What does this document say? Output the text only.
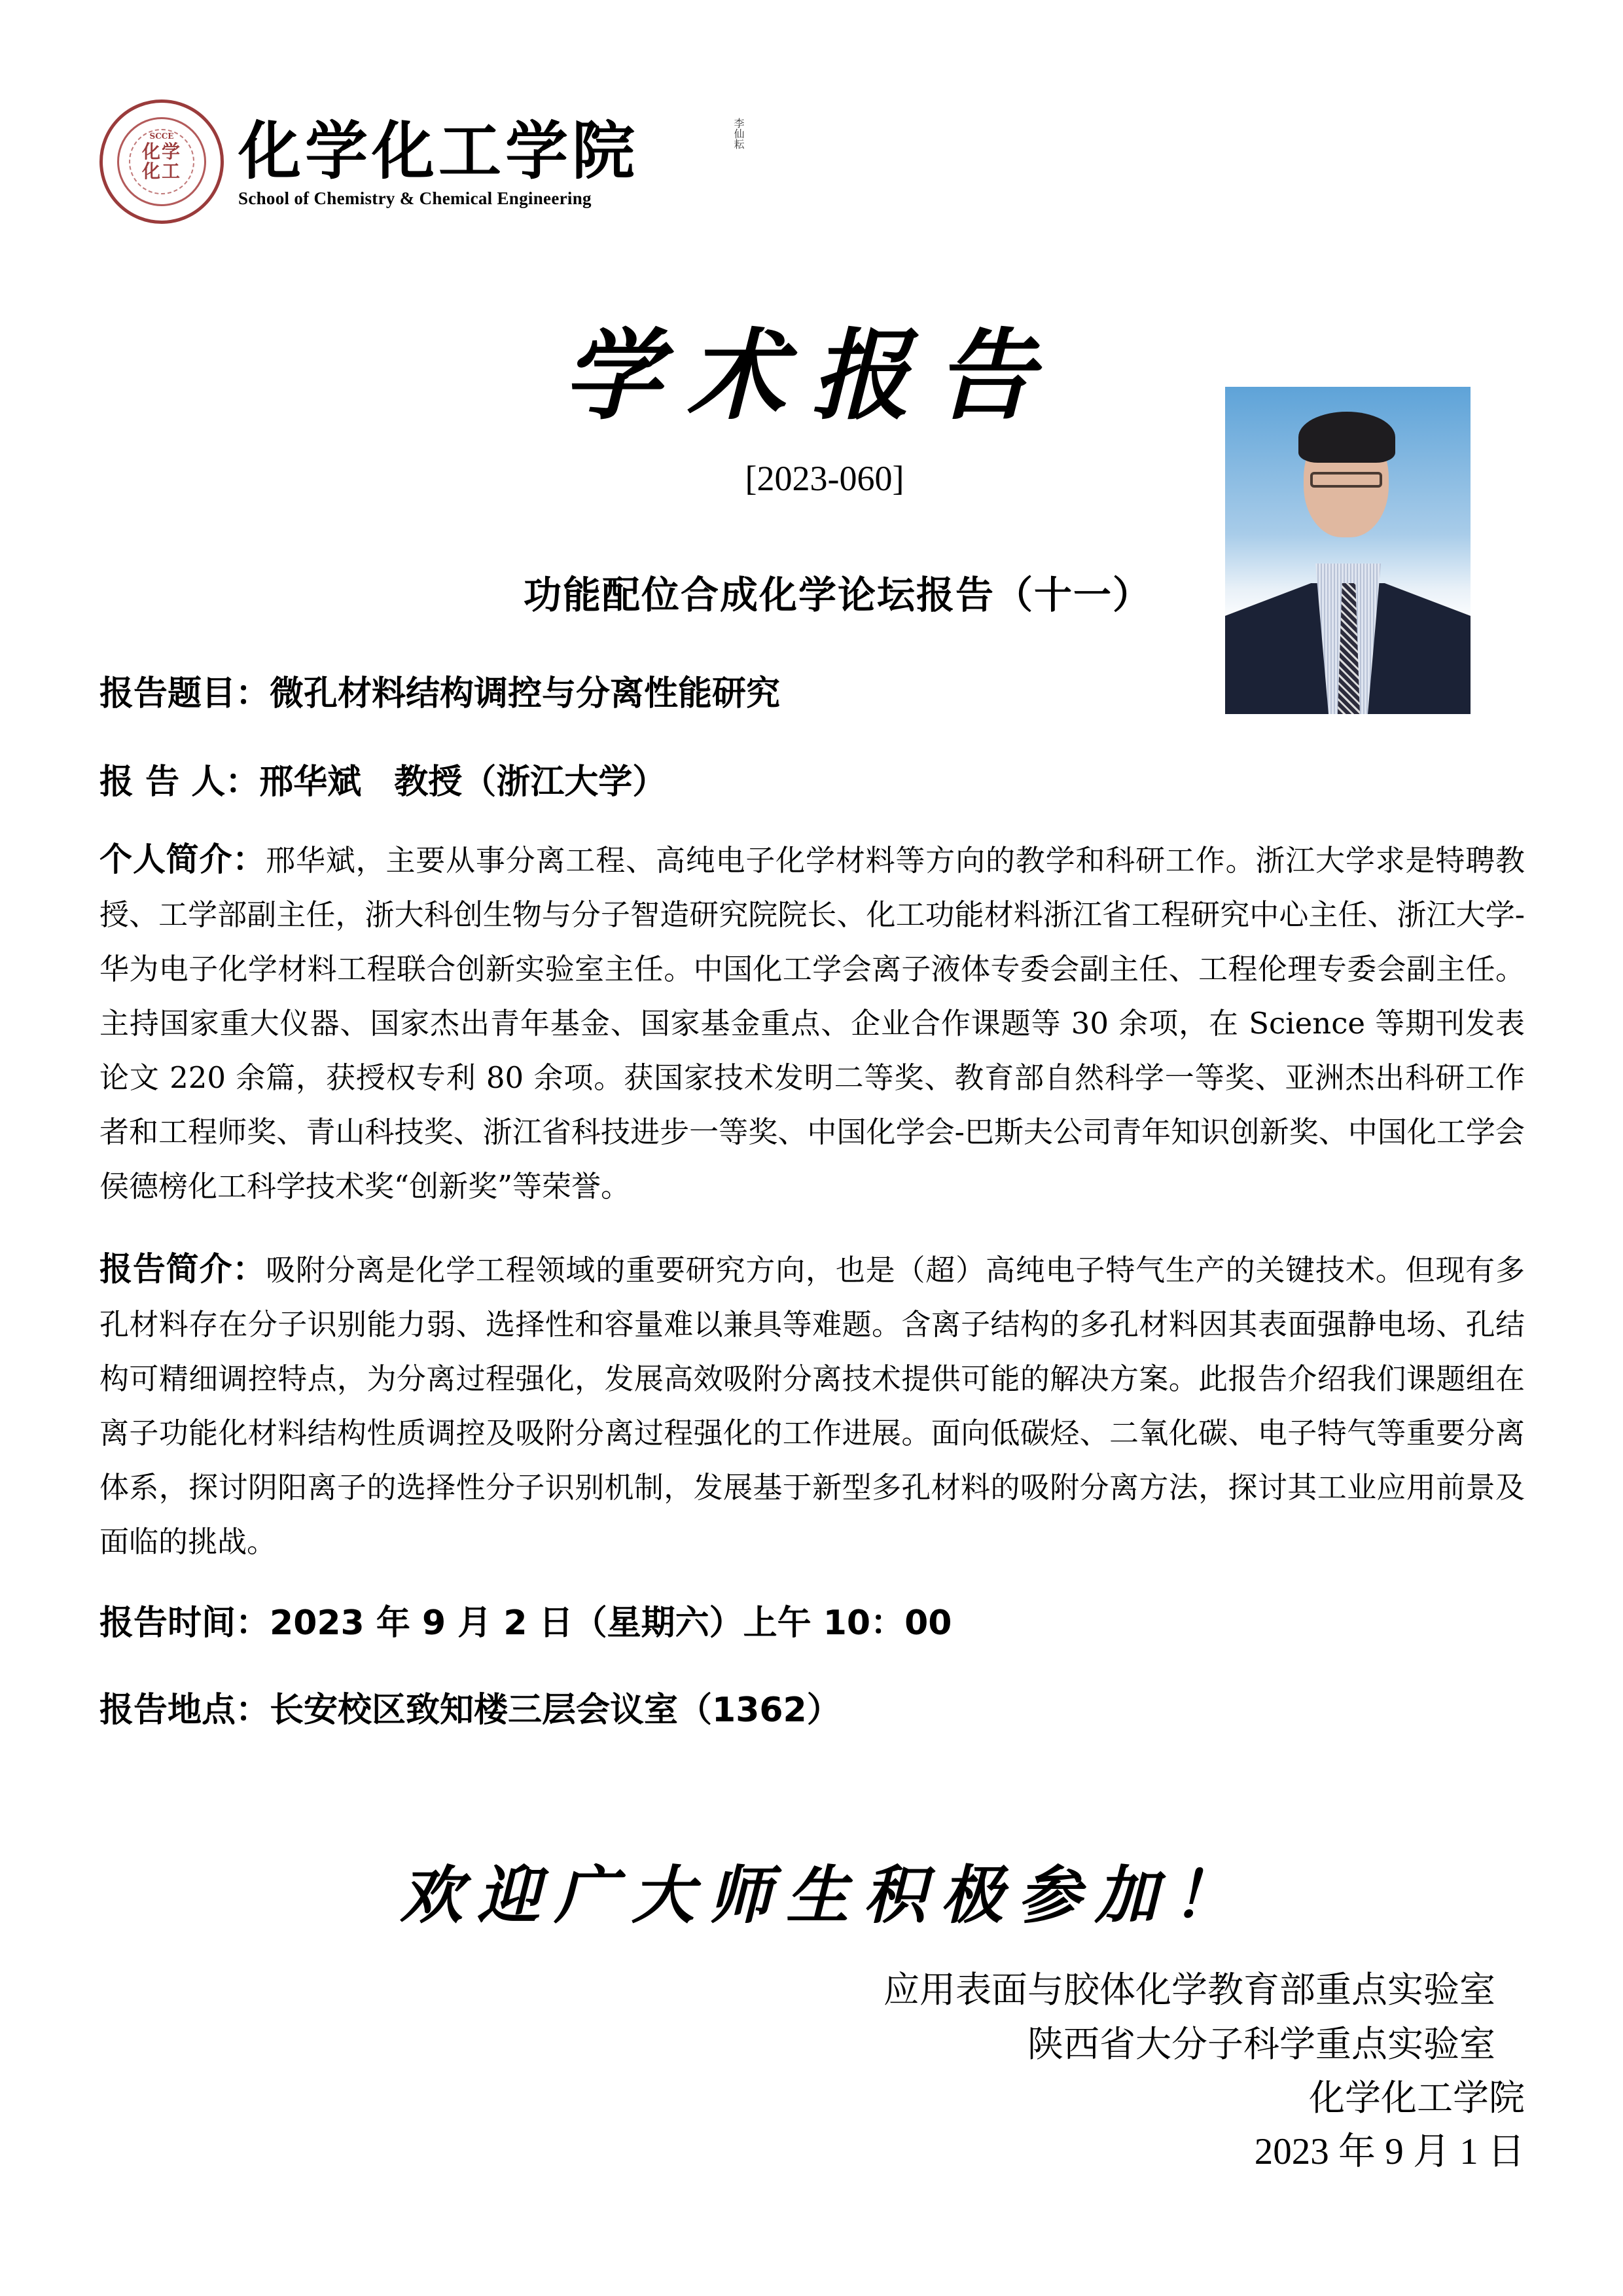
SCCE
化学化工 化学化工学院
School of Chemistry & Chemical Engineering
李仙耘
学术报告
[2023-060]
功能配位合成化学论坛报告（十一）
报告题目：微孔材料结构调控与分离性能研究
报 告 人：邢华斌 教授（浙江大学）
个人简介：邢华斌，主要从事分离工程、高纯电子化学材料等方向的教学和科研工作。浙江大学求是特聘教授、工学部副主任，浙大科创生物与分子智造研究院院长、化工功能材料浙江省工程研究中心主任、浙江大学-华为电子化学材料工程联合创新实验室主任。中国化工学会离子液体专委会副主任、工程伦理专委会副主任。主持国家重大仪器、国家杰出青年基金、国家基金重点、企业合作课题等 30 余项，在 Science 等期刊发表论文 220 余篇，获授权专利 80 余项。获国家技术发明二等奖、教育部自然科学一等奖、亚洲杰出科研工作者和工程师奖、青山科技奖、浙江省科技进步一等奖、中国化学会-巴斯夫公司青年知识创新奖、中国化工学会侯德榜化工科学技术奖“创新奖”等荣誉。
报告简介：吸附分离是化学工程领域的重要研究方向，也是（超）高纯电子特气生产的关键技术。但现有多孔材料存在分子识别能力弱、选择性和容量难以兼具等难题。含离子结构的多孔材料因其表面强静电场、孔结构可精细调控特点，为分离过程强化，发展高效吸附分离技术提供可能的解决方案。此报告介绍我们课题组在离子功能化材料结构性质调控及吸附分离过程强化的工作进展。面向低碳烃、二氧化碳、电子特气等重要分离体系，探讨阴阳离子的选择性分子识别机制，发展基于新型多孔材料的吸附分离方法，探讨其工业应用前景及面临的挑战。
报告时间：2023 年 9 月 2 日（星期六）上午 10：00
报告地点：长安校区致知楼三层会议室（1362）
欢迎广大师生积极参加！
应用表面与胶体化学教育部重点实验室
陕西省大分子科学重点实验室
化学化工学院
2023 年 9 月 1 日
